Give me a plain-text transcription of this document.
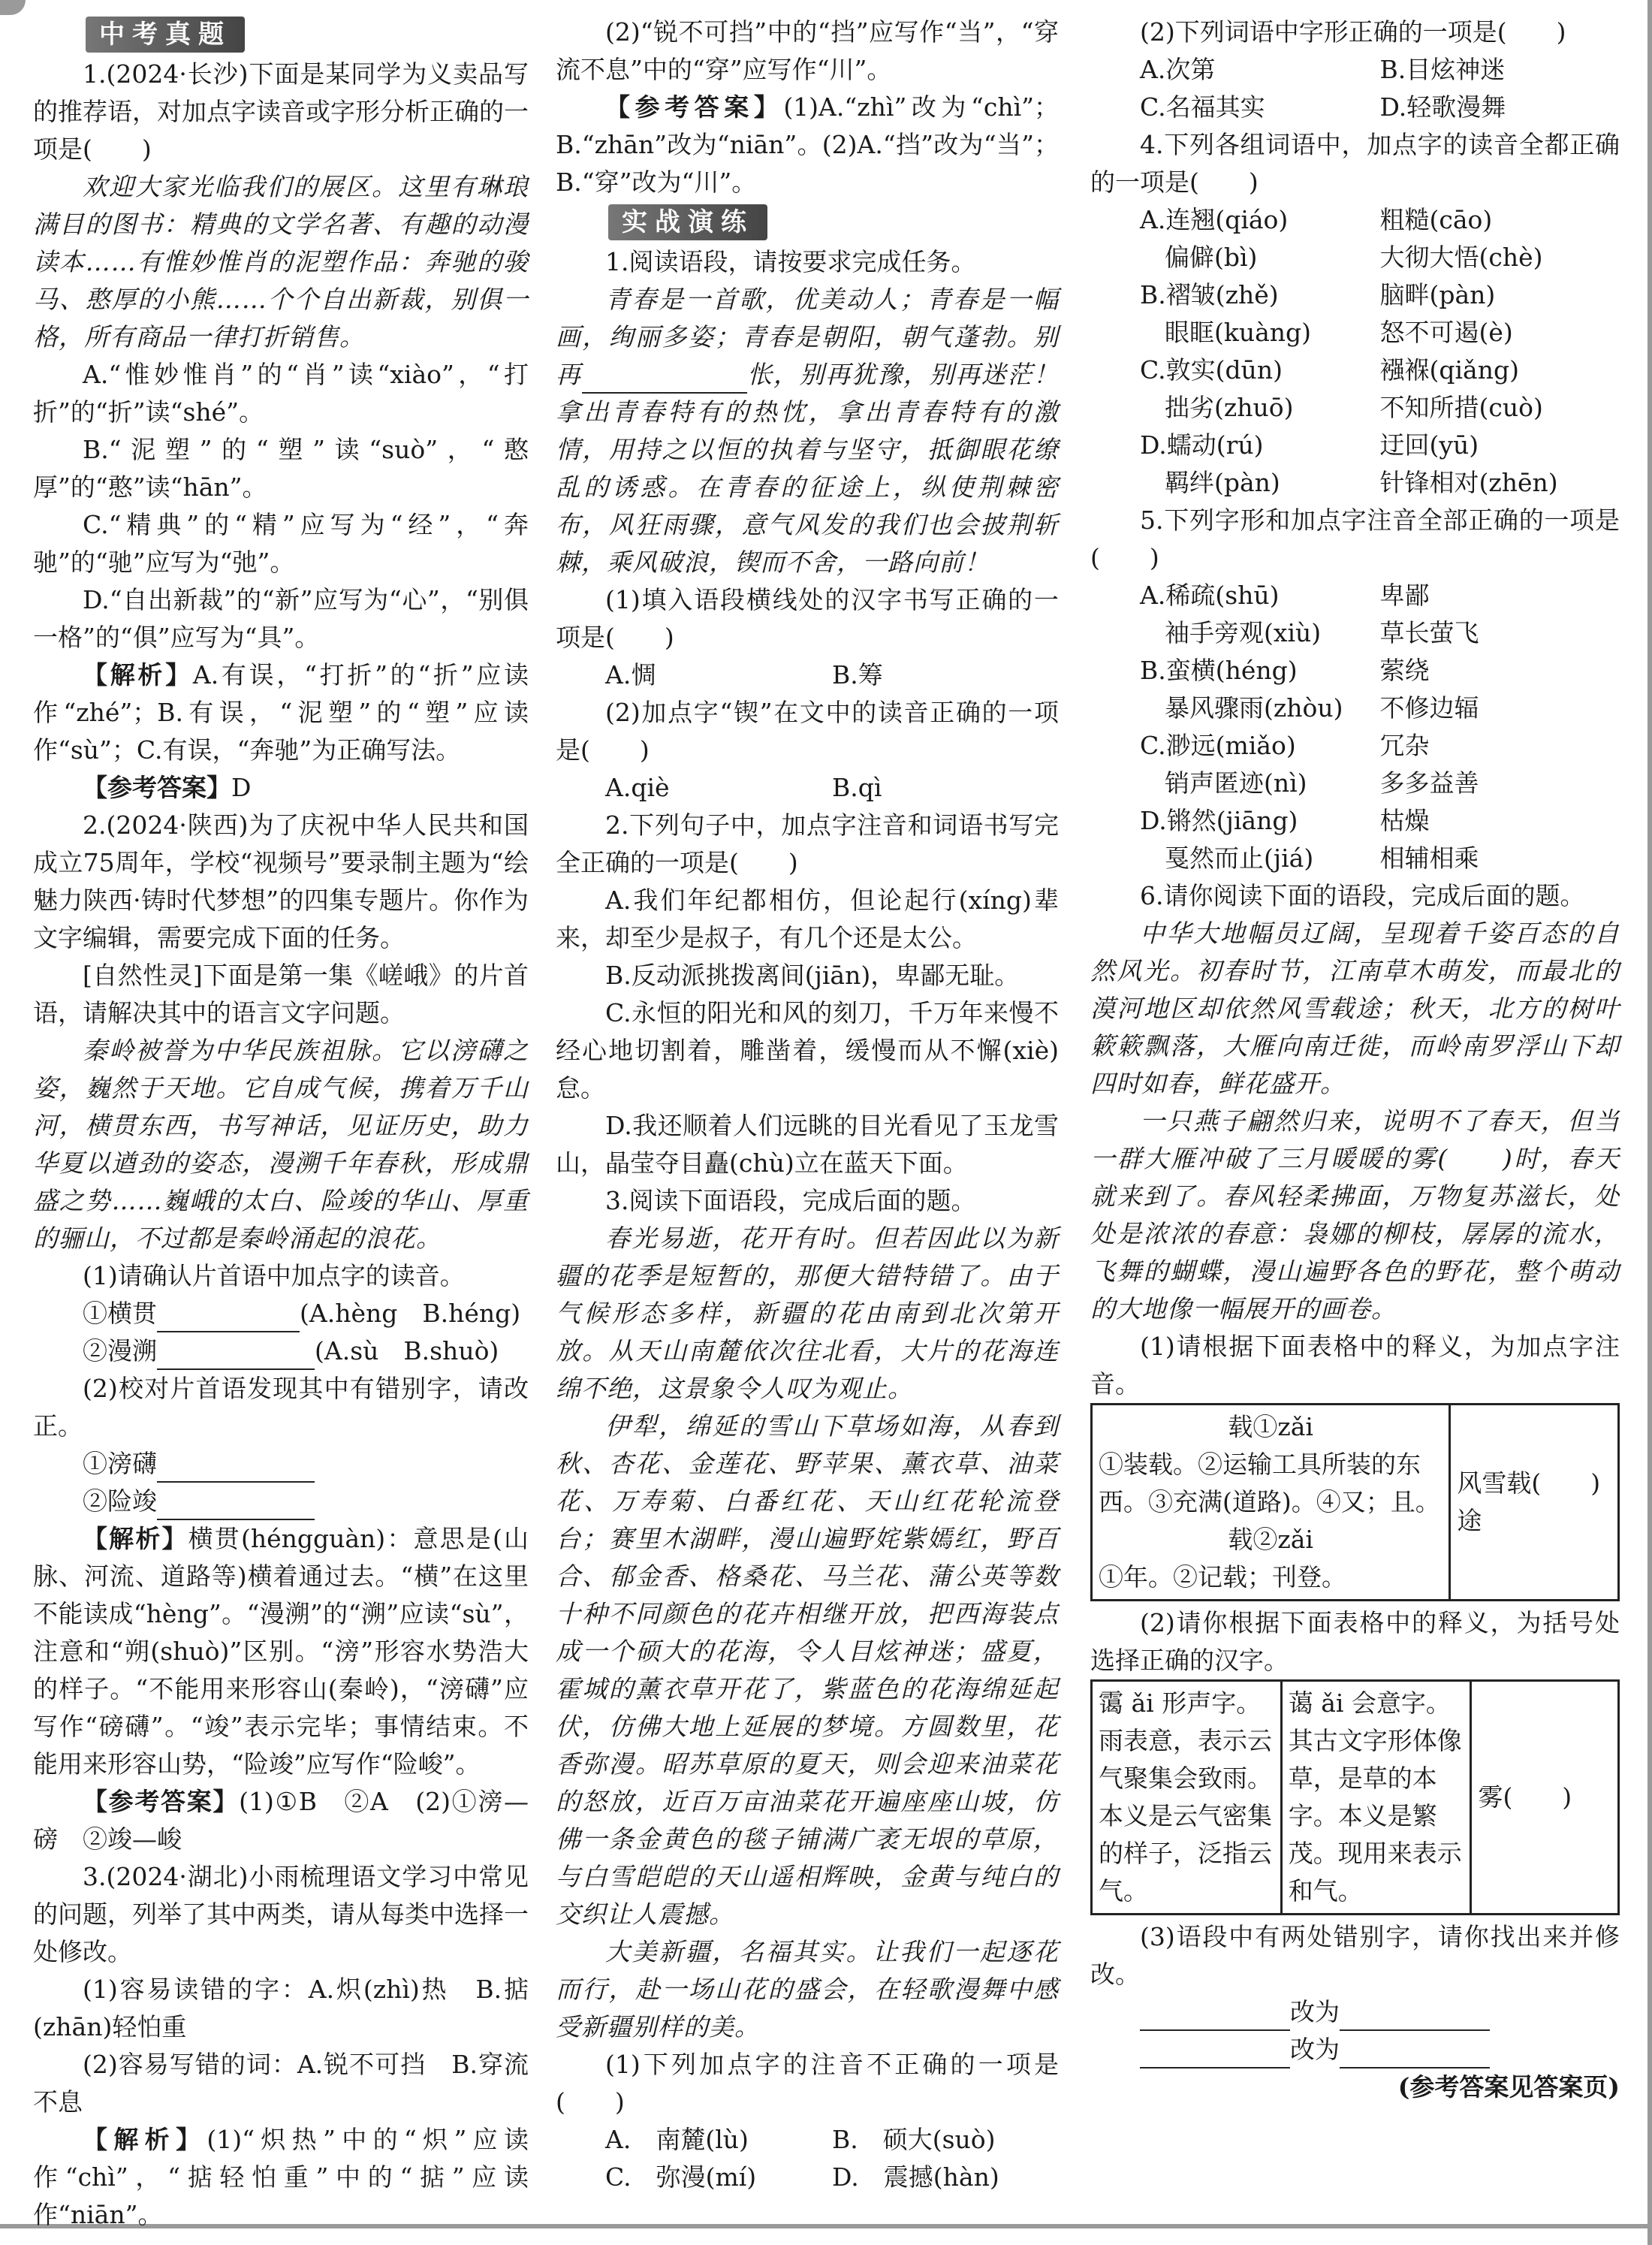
中考真题

1.(2024·长沙)下面是某同学为义卖品写的推荐语，对加点字读音或字形分析正确的一项是(　　)

欢迎大家光临我们的展区。这里有琳琅满目的图书：精典的文学名著、有趣的动漫读本……有惟妙惟肖的泥塑作品：奔驰的骏马、憨厚的小熊……个个自出新裁，别俱一格，所有商品一律打折销售。

A.“惟妙惟肖”的“肖”读“xiào”，“打折”的“折”读“shé”。

B.“泥塑”的“塑”读“suò”，“憨厚”的“憨”读“hān”。

C.“精典”的“精”应写为“经”，“奔驰”的“驰”应写为“弛”。

D.“自出新裁”的“新”应写为“心”，“别俱一格”的“俱”应写为“具”。

【解析】A.有误，“打折”的“折”应读作“zhé”；B.有误，“泥塑”的“塑”应读作“sù”；C.有误，“奔驰”为正确写法。

【参考答案】D

2.(2024·陕西)为了庆祝中华人民共和国成立75周年，学校“视频号”要录制主题为“绘魅力陕西·铸时代梦想”的四集专题片。你作为文字编辑，需要完成下面的任务。

[自然性灵]下面是第一集《嵯峨》的片首语，请解决其中的语言文字问题。

秦岭被誉为中华民族祖脉。它以滂礴之姿，巍然于天地。它自成气候，携着万千山河，横贯东西，书写神话，见证历史，助力华夏以遒劲的姿态，漫溯千年春秋，形成鼎盛之势……巍峨的太白、险竣的华山、厚重的骊山，不过都是秦岭涌起的浪花。

(1)请确认片首语中加点字的读音。

①横贯	(A.hèng　B.héng)

②漫溯	(A.sù　B.shuò)

(2)校对片首语发现其中有错别字，请改正。

①滂礴

②险竣

【解析】横贯(héngguàn)：意思是(山脉、河流、道路等)横着通过去。“横”在这里不能读成“hèng”。“漫溯”的“溯”应读“sù”，注意和“朔(shuò)”区别。“滂”形容水势浩大的样子。“不能用来形容山(秦岭)，“滂礴”应写作“磅礴”。“竣”表示完毕；事情结束。不能用来形容山势，“险竣”应写作“险峻”。

【参考答案】(1)①B　②A　(2)①滂—磅　②竣—峻

3.(2024·湖北)小雨梳理语文学习中常见的问题，列举了其中两类，请从每类中选择一处修改。

(1)容易读错的字：A.炽(zhì)热　B.掂(zhān)轻怕重

(2)容易写错的词：A.锐不可挡　B.穿流不息

【解析】(1)“炽热”中的“炽”应读作“chì”，“掂轻怕重”中的“掂”应读作“niān”。

(2)“锐不可挡”中的“挡”应写作“当”，“穿流不息”中的“穿”应写作“川”。

【参考答案】(1)A.“zhì”改为“chì”；B.“zhān”改为“niān”。(2)A.“挡”改为“当”；B.“穿”改为“川”。

实战演练

1.阅读语段，请按要求完成任务。

青春是一首歌，优美动人；青春是一幅画，绚丽多姿；青春是朝阳，朝气蓬勃。别再	怅，别再犹豫，别再迷茫！拿出青春特有的热忱，拿出青春特有的激情，用持之以恒的执着与坚守，抵御眼花缭乱的诱惑。在青春的征途上，纵使荆棘密布，风狂雨骤，意气风发的我们也会披荆斩棘，乘风破浪，锲而不舍，一路向前！

(1)填入语段横线处的汉字书写正确的一项是(　　)

A.惆	B.筹

(2)加点字“锲”在文中的读音正确的一项是(　　)

A.qiè	B.qì

2.下列句子中，加点字注音和词语书写完全正确的一项是(　　)

A.我们年纪都相仿，但论起行(xíng)辈来，却至少是叔子，有几个还是太公。

B.反动派挑拨离间(jiān)，卑鄙无耻。

C.永恒的阳光和风的刻刀，千万年来慢不经心地切割着，雕凿着，缓慢而从不懈(xiè)怠。

D.我还顺着人们远眺的目光看见了玉龙雪山，晶莹夺目矗(chù)立在蓝天下面。

3.阅读下面语段，完成后面的题。

春光易逝，花开有时。但若因此以为新疆的花季是短暂的，那便大错特错了。由于气候形态多样，新疆的花由南到北次第开放。从天山南麓依次往北看，大片的花海连绵不绝，这景象令人叹为观止。

伊犁，绵延的雪山下草场如海，从春到秋、杏花、金莲花、野苹果、薰衣草、油菜花、万寿菊、白番红花、天山红花轮流登台；赛里木湖畔，漫山遍野姹紫嫣红，野百合、郁金香、格桑花、马兰花、蒲公英等数十种不同颜色的花卉相继开放，把西海装点成一个硕大的花海，令人目炫神迷；盛夏，霍城的薰衣草开花了，紫蓝色的花海绵延起伏，仿佛大地上延展的梦境。方圆数里，花香弥漫。昭苏草原的夏天，则会迎来油菜花的怒放，近百万亩油菜花开遍座座山坡，仿佛一条金黄色的毯子铺满广袤无垠的草原，与白雪皑皑的天山遥相辉映，金黄与纯白的交织让人震撼。

大美新疆，名福其实。让我们一起逐花而行，赴一场山花的盛会，在轻歌漫舞中感受新疆别样的美。

(1)下列加点字的注音不正确的一项是(　　)

A.　南麓(lù)	B.　硕大(suò)
C.　弥漫(mí)	D.　震撼(hàn)

(2)下列词语中字形正确的一项是(　　)

A.次第	B.目炫神迷
C.名福其实	D.轻歌漫舞

4.下列各组词语中，加点字的读音全都正确的一项是(　　)

A.连翘(qiáo)	粗糙(cāo)
偏僻(bì)	大彻大悟(chè)
B.褶皱(zhě)	脑畔(pàn)
眼眶(kuàng)	怒不可遏(è)
C.敦实(dūn)	襁褓(qiǎng)
拙劣(zhuō)	不知所措(cuò)
D.蠕动(rú)	迂回(yū)
羁绊(pàn)	针锋相对(zhēn)

5.下列字形和加点字注音全部正确的一项是(　　)

A.稀疏(shū)	卑鄙
袖手旁观(xiù)	草长萤飞
B.蛮横(héng)	萦绕
暴风骤雨(zhòu)	不修边辐
C.渺远(miǎo)	冗杂
销声匿迹(nì)	多多益善
D.锵然(jiāng)	枯燥
戛然而止(jiá)	相辅相乘

6.请你阅读下面的语段，完成后面的题。

中华大地幅员辽阔，呈现着千姿百态的自然风光。初春时节，江南草木萌发，而最北的漠河地区却依然风雪载途；秋天，北方的树叶簌簌飘落，大雁向南迁徙，而岭南罗浮山下却四时如春，鲜花盛开。

一只燕子翩然归来，说明不了春天，但当一群大雁冲破了三月暖暖的雾(　　)时，春天就来到了。春风轻柔拂面，万物复苏滋长，处处是浓浓的春意：袅娜的柳枝，孱孱的流水，飞舞的蝴蝶，漫山遍野各色的野花，整个萌动的大地像一幅展开的画卷。

(1)请根据下面表格中的释义，为加点字注音。

载①zǎi
①装载。②运输工具所装的东西。③充满(道路)。④又；且。
载②zǎi
①年。②记载；刊登。
	风雪载(　　)途

(2)请你根据下面表格中的释义，为括号处选择正确的汉字。

霭 ǎi 形声字。雨表意，表示云气聚集会致雨。本义是云气密集的样子，泛指云气。	蔼 ǎi 会意字。其古文字形体像草，是草的本字。本义是繁茂。现用来表示和气。	雾(　　)

(3)语段中有两处错别字，请你找出来并修改。

改为

改为

(参考答案见答案页)
